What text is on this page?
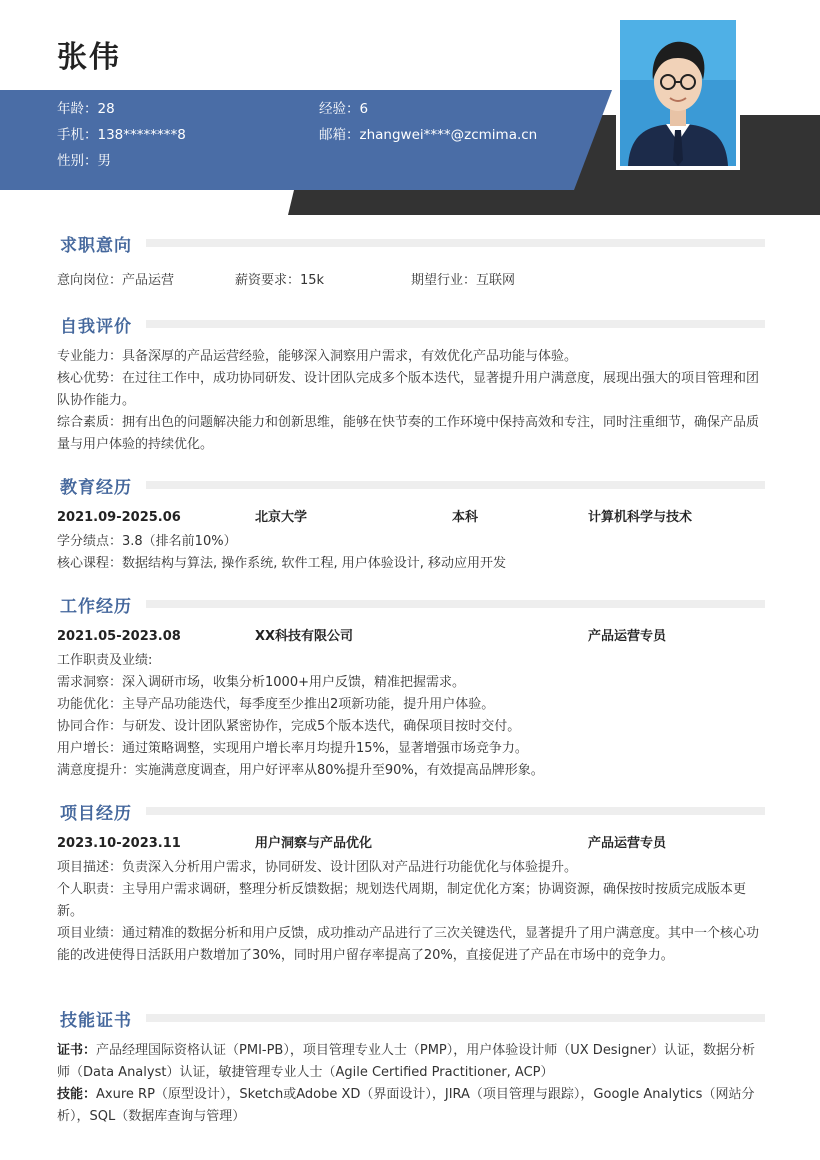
张伟
年龄：28	经验：6
手机：138********8	邮箱：zhangwei****@zcmima.cn
性别：男
求职意向
意向岗位：产品运营	薪资要求：15k	期望行业：互联网
自我评价
专业能力：具备深厚的产品运营经验，能够深入洞察用户需求，有效优化产品功能与体验。
核心优势：在过往工作中，成功协同研发、设计团队完成多个版本迭代，显著提升用户满意度，展现出强大的项目管理和团队协作能力。
综合素质：拥有出色的问题解决能力和创新思维，能够在快节奏的工作环境中保持高效和专注，同时注重细节，确保产品质量与用户体验的持续优化。
教育经历
2021.09-2025.06	北京大学	本科	计算机科学与技术
学分绩点：3.8（排名前10%）
核心课程：数据结构与算法, 操作系统, 软件工程, 用户体验设计, 移动应用开发
工作经历
2021.05-2023.08	XX科技有限公司	产品运营专员
工作职责及业绩:
需求洞察：深入调研市场，收集分析1000+用户反馈，精准把握需求。
功能优化：主导产品功能迭代，每季度至少推出2项新功能，提升用户体验。
协同合作：与研发、设计团队紧密协作，完成5个版本迭代，确保项目按时交付。
用户增长：通过策略调整，实现用户增长率月均提升15%，显著增强市场竞争力。
满意度提升：实施满意度调查，用户好评率从80%提升至90%，有效提高品牌形象。
项目经历
2023.10-2023.11	用户洞察与产品优化	产品运营专员
项目描述：负责深入分析用户需求，协同研发、设计团队对产品进行功能优化与体验提升。
个人职责：主导用户需求调研，整理分析反馈数据；规划迭代周期，制定优化方案；协调资源，确保按时按质完成版本更新。
项目业绩：通过精准的数据分析和用户反馈，成功推动产品进行了三次关键迭代，显著提升了用户满意度。其中一个核心功能的改进使得日活跃用户数增加了30%，同时用户留存率提高了20%，直接促进了产品在市场中的竞争力。
技能证书
证书：产品经理国际资格认证（PMI-PB），项目管理专业人士（PMP），用户体验设计师（UX Designer）认证，数据分析师（Data Analyst）认证，敏捷管理专业人士（Agile Certified Practitioner, ACP）
技能：Axure RP（原型设计），Sketch或Adobe XD（界面设计），JIRA（项目管理与跟踪），Google Analytics（网站分析），SQL（数据库查询与管理）
